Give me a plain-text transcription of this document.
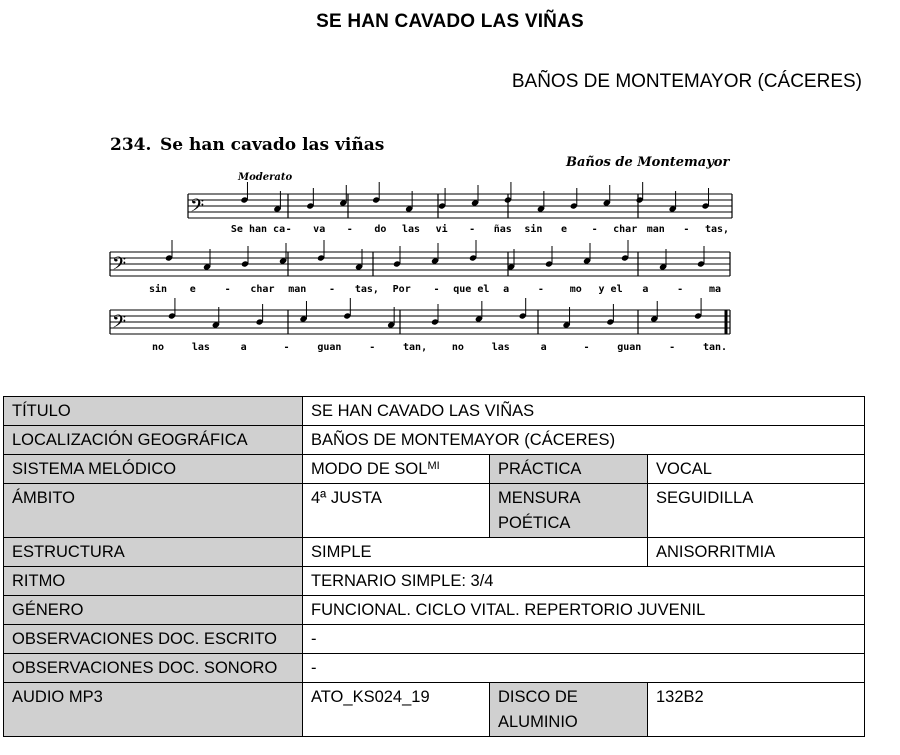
SE HAN CAVADO LAS VIÑAS
BAÑOS DE MONTEMAYOR (CÁCERES)
234. Se han cavado las viñas
Baños de Montemayor
Moderato
𝄢
𝄢
𝄢
Se han ca - va - do las vi - ñas sin e - char man - tas,
sin e	- char man - tas, Por - que el a	-	mo y el a	-	ma
no	las	a	-	guan	-	tan, no	las	a	-	guan	-	tan.
TÍTULO	SE HAN CAVADO LAS VIÑAS		
LOCALIZACIÓN GEOGRÁFICA	BAÑOS DE MONTEMAYOR (CÁCERES)		
SISTEMA MELÓDICO	MODO DE $SOL^{MI}$	PRÁCTICA	VOCAL
ÁMBITO	4ª JUSTA	MENSURA POÉTICA	SEGUIDILLA
ESTRUCTURA	SIMPLE		ANISORRITMIA
RITMO	TERNARIO SIMPLE: 3/4		
GÉNERO	FUNCIONAL. CICLO VITAL. REPERTORIO JUVENIL		
OBSERVACIONES DOC. ESCRITO	-		
OBSERVACIONES DOC. SONORO	-		
AUDIO MP3	ATO_KS024_19	DISCO DE ALUMINIO	132B2
